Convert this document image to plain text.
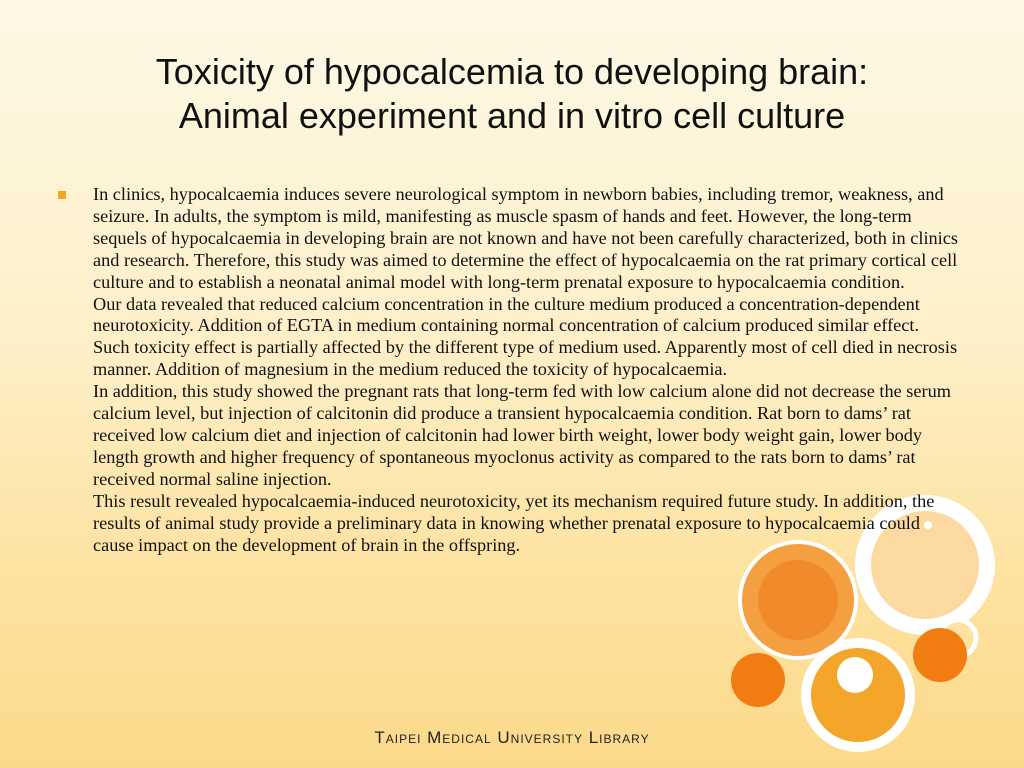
Toxicity of hypocalcemia to developing brain:
Animal experiment and in vitro cell culture

In clinics, hypocalcaemia induces severe neurological symptom in newborn babies, including tremor, weakness, and seizure. In adults, the symptom is mild, manifesting as muscle spasm of hands and feet. However, the long-term sequels of hypocalcaemia in developing brain are not known and have not been carefully characterized, both in clinics and research. Therefore, this study was aimed to determine the effect of hypocalcaemia on the rat primary cortical cell culture and to establish a neonatal animal model with long-term prenatal exposure to hypocalcaemia condition.

Our data revealed that reduced calcium concentration in the culture medium produced a concentration-dependent neurotoxicity. Addition of EGTA in medium containing normal concentration of calcium produced similar effect. Such toxicity effect is partially affected by the different type of medium used. Apparently most of cell died in necrosis manner. Addition of magnesium in the medium reduced the toxicity of hypocalcaemia.

In addition, this study showed the pregnant rats that long-term fed with low calcium alone did not decrease the serum calcium level, but injection of calcitonin did produce a transient hypocalcaemia condition. Rat born to dams’ rat received low calcium diet and injection of calcitonin had lower birth weight, lower body weight gain, lower body length growth and higher frequency of spontaneous myoclonus activity as compared to the rats born to dams’ rat received normal saline injection.

This result revealed hypocalcaemia-induced neurotoxicity, yet its mechanism required future study. In addition, the results of animal study provide a preliminary data in knowing whether prenatal exposure to hypocalcaemia could cause impact on the development of brain in the offspring.

Taipei Medical University Library
